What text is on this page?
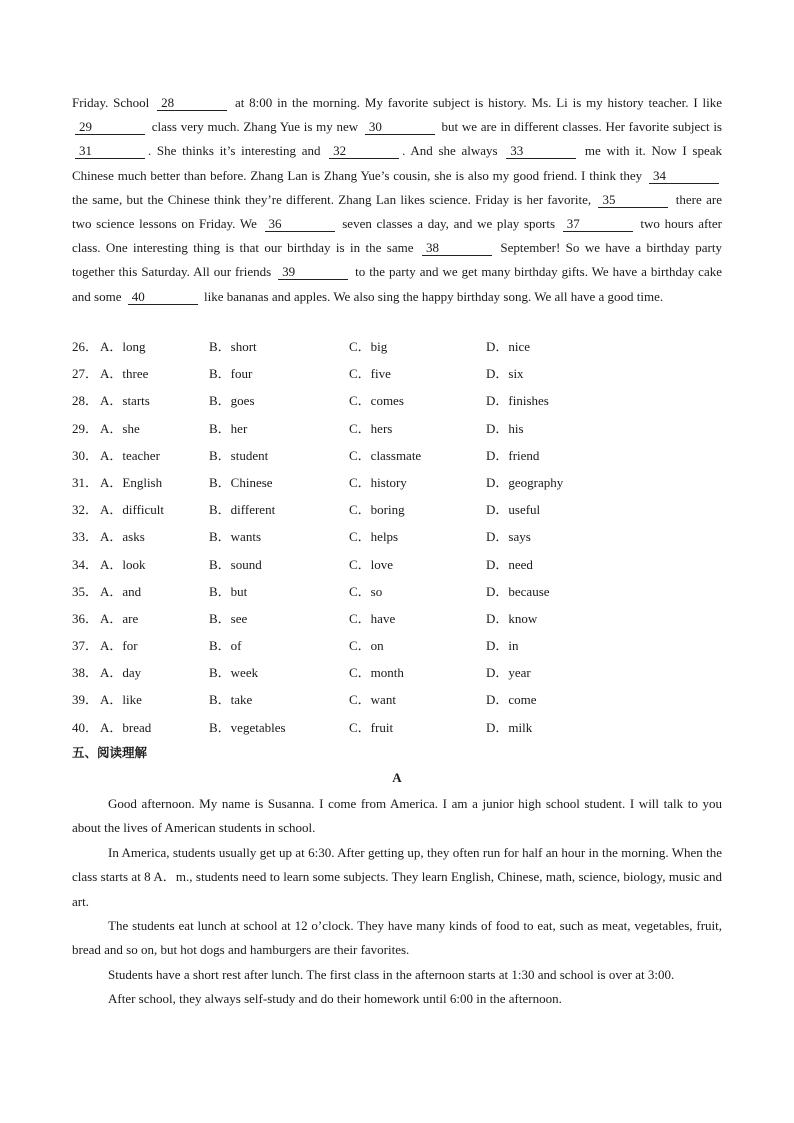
Friday. School 28	at 8:00 in the morning. My favorite subject is history. Ms. Li is my history teacher. I like 29	class very much. Zhang Yue is my new 30	but we are in different classes. Her favorite subject is 31	. She thinks it’s interesting and 32	. And she always 33	me with it. Now I speak Chinese much better than before. Zhang Lan is Zhang Yue’s cousin, she is also my good friend. I think they 34 the same, but the Chinese think they’re different. Zhang Lan likes science. Friday is her favorite, 35	there are two science lessons on Friday. We 36	seven classes a day, and we play sports 37	two hours after class. One interesting thing is that our birthday is in the same 38	September! So we have a birthday party together this Saturday. All our friends 39	to the party and we get many birthday gifts. We have a birthday cake and some 40	like bananas and apples. We also sing the happy birthday song. We all have a good time.
26． A．long	B．short	C．big	D．nice
27． A．three	B．four	C．five	D．six
28． A．starts	B．goes	C．comes	D．finishes
29． A．she	B．her	C．hers	D．his
30． A．teacher	B．student	C．classmate	D．friend
31． A．English	B．Chinese	C．history	D．geography
32． A．difficult	B．different	C．boring	D．useful
33． A．asks	B．wants	C．helps	D．says
34． A．look	B．sound	C．love	D．need
35． A．and	B．but	C．so	D．because
36． A．are	B．see	C．have	D．know
37． A．for	B．of	C．on	D．in
38． A．day	B．week	C．month	D．year
39． A．like	B．take	C．want	D．come
40． A．bread	B．vegetables	C．fruit	D．milk
五、阅读理解
A

Good afternoon. My name is Susanna. I come from America. I am a junior high school student. I will talk to you about the lives of American students in school.

In America, students usually get up at 6:30. After getting up, they often run for half an hour in the morning. When the class starts at 8 A．m., students need to learn some subjects. They learn English, Chinese, math, science, biology, music and art.

The students eat lunch at school at 12 o’clock. They have many kinds of food to eat, such as meat, vegetables, fruit, bread and so on, but hot dogs and hamburgers are their favorites.

Students have a short rest after lunch. The first class in the afternoon starts at 1:30 and school is over at 3:00.

After school, they always self-study and do their homework until 6:00 in the afternoon.
